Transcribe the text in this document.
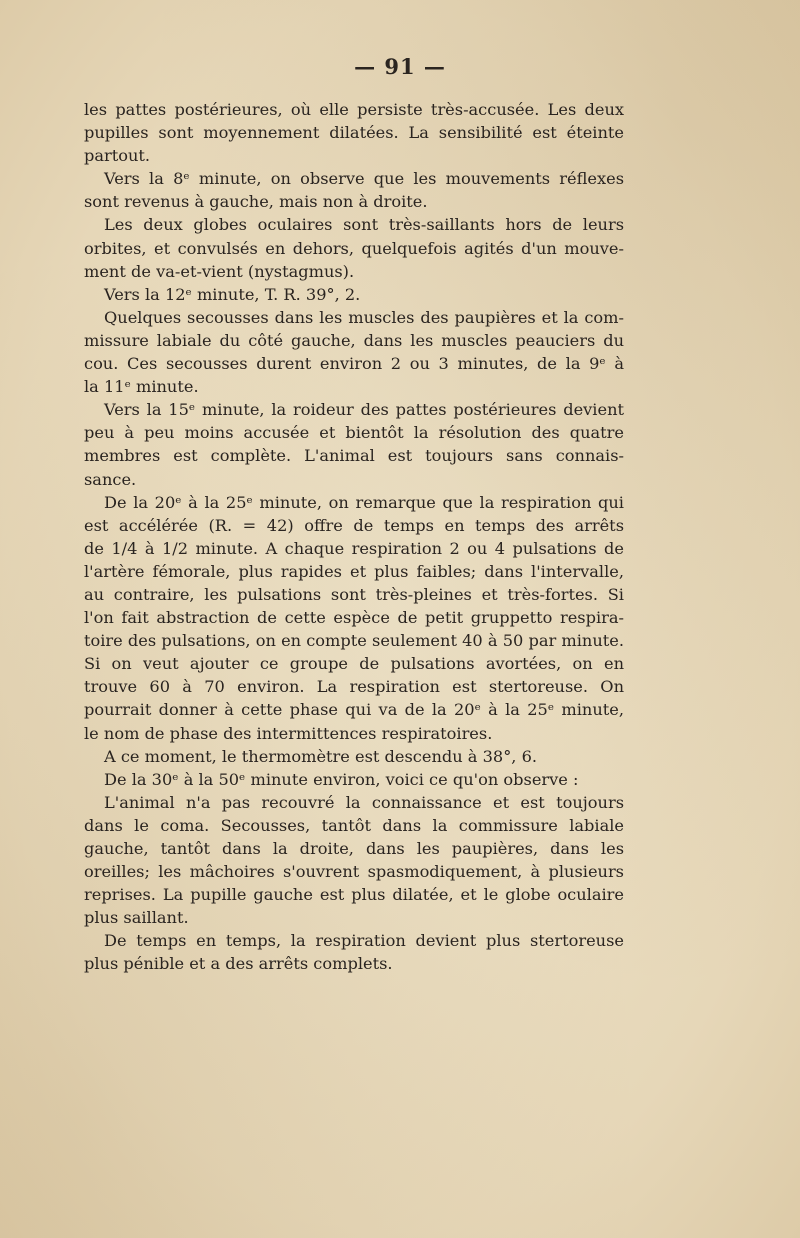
— 91 —
les pattes postérieures, où elle persiste très-accusée. Les deux
pupilles sont moyennement dilatées. La sensibilité est éteinte
partout.
Vers la 8ᵉ minute, on observe que les mouvements réflexes
sont revenus à gauche, mais non à droite.
Les deux globes oculaires sont très-saillants hors de leurs
orbites, et convulsés en dehors, quelquefois agités d'un mouve-
ment de va-et-vient (nystagmus).
Vers la 12ᵉ minute, T. R. 39°, 2.
Quelques secousses dans les muscles des paupières et la com-
missure labiale du côté gauche, dans les muscles peauciers du
cou. Ces secousses durent environ 2 ou 3 minutes, de la 9ᵉ à
la 11ᵉ minute.
Vers la 15ᵉ minute, la roideur des pattes postérieures devient
peu à peu moins accusée et bientôt la résolution des quatre
membres est complète. L'animal est toujours sans connais-
sance.
De la 20ᵉ à la 25ᵉ minute, on remarque que la respiration qui
est accélérée (R. = 42) offre de temps en temps des arrêts
de 1/4 à 1/2 minute. A chaque respiration 2 ou 4 pulsations de
l'artère fémorale, plus rapides et plus faibles; dans l'intervalle,
au contraire, les pulsations sont très-pleines et très-fortes. Si
l'on fait abstraction de cette espèce de petit gruppetto respira-
toire des pulsations, on en compte seulement 40 à 50 par minute.
Si on veut ajouter ce groupe de pulsations avortées, on en
trouve 60 à 70 environ. La respiration est stertoreuse. On
pourrait donner à cette phase qui va de la 20ᵉ à la 25ᵉ minute,
le nom de phase des intermittences respiratoires.
A ce moment, le thermomètre est descendu à 38°, 6.
De la 30ᵉ à la 50ᵉ minute environ, voici ce qu'on observe :
L'animal n'a pas recouvré la connaissance et est toujours
dans le coma. Secousses, tantôt dans la commissure labiale
gauche, tantôt dans la droite, dans les paupières, dans les
oreilles; les mâchoires s'ouvrent spasmodiquement, à plusieurs
reprises. La pupille gauche est plus dilatée, et le globe oculaire
plus saillant.
De temps en temps, la respiration devient plus stertoreuse
plus pénible et a des arrêts complets.
